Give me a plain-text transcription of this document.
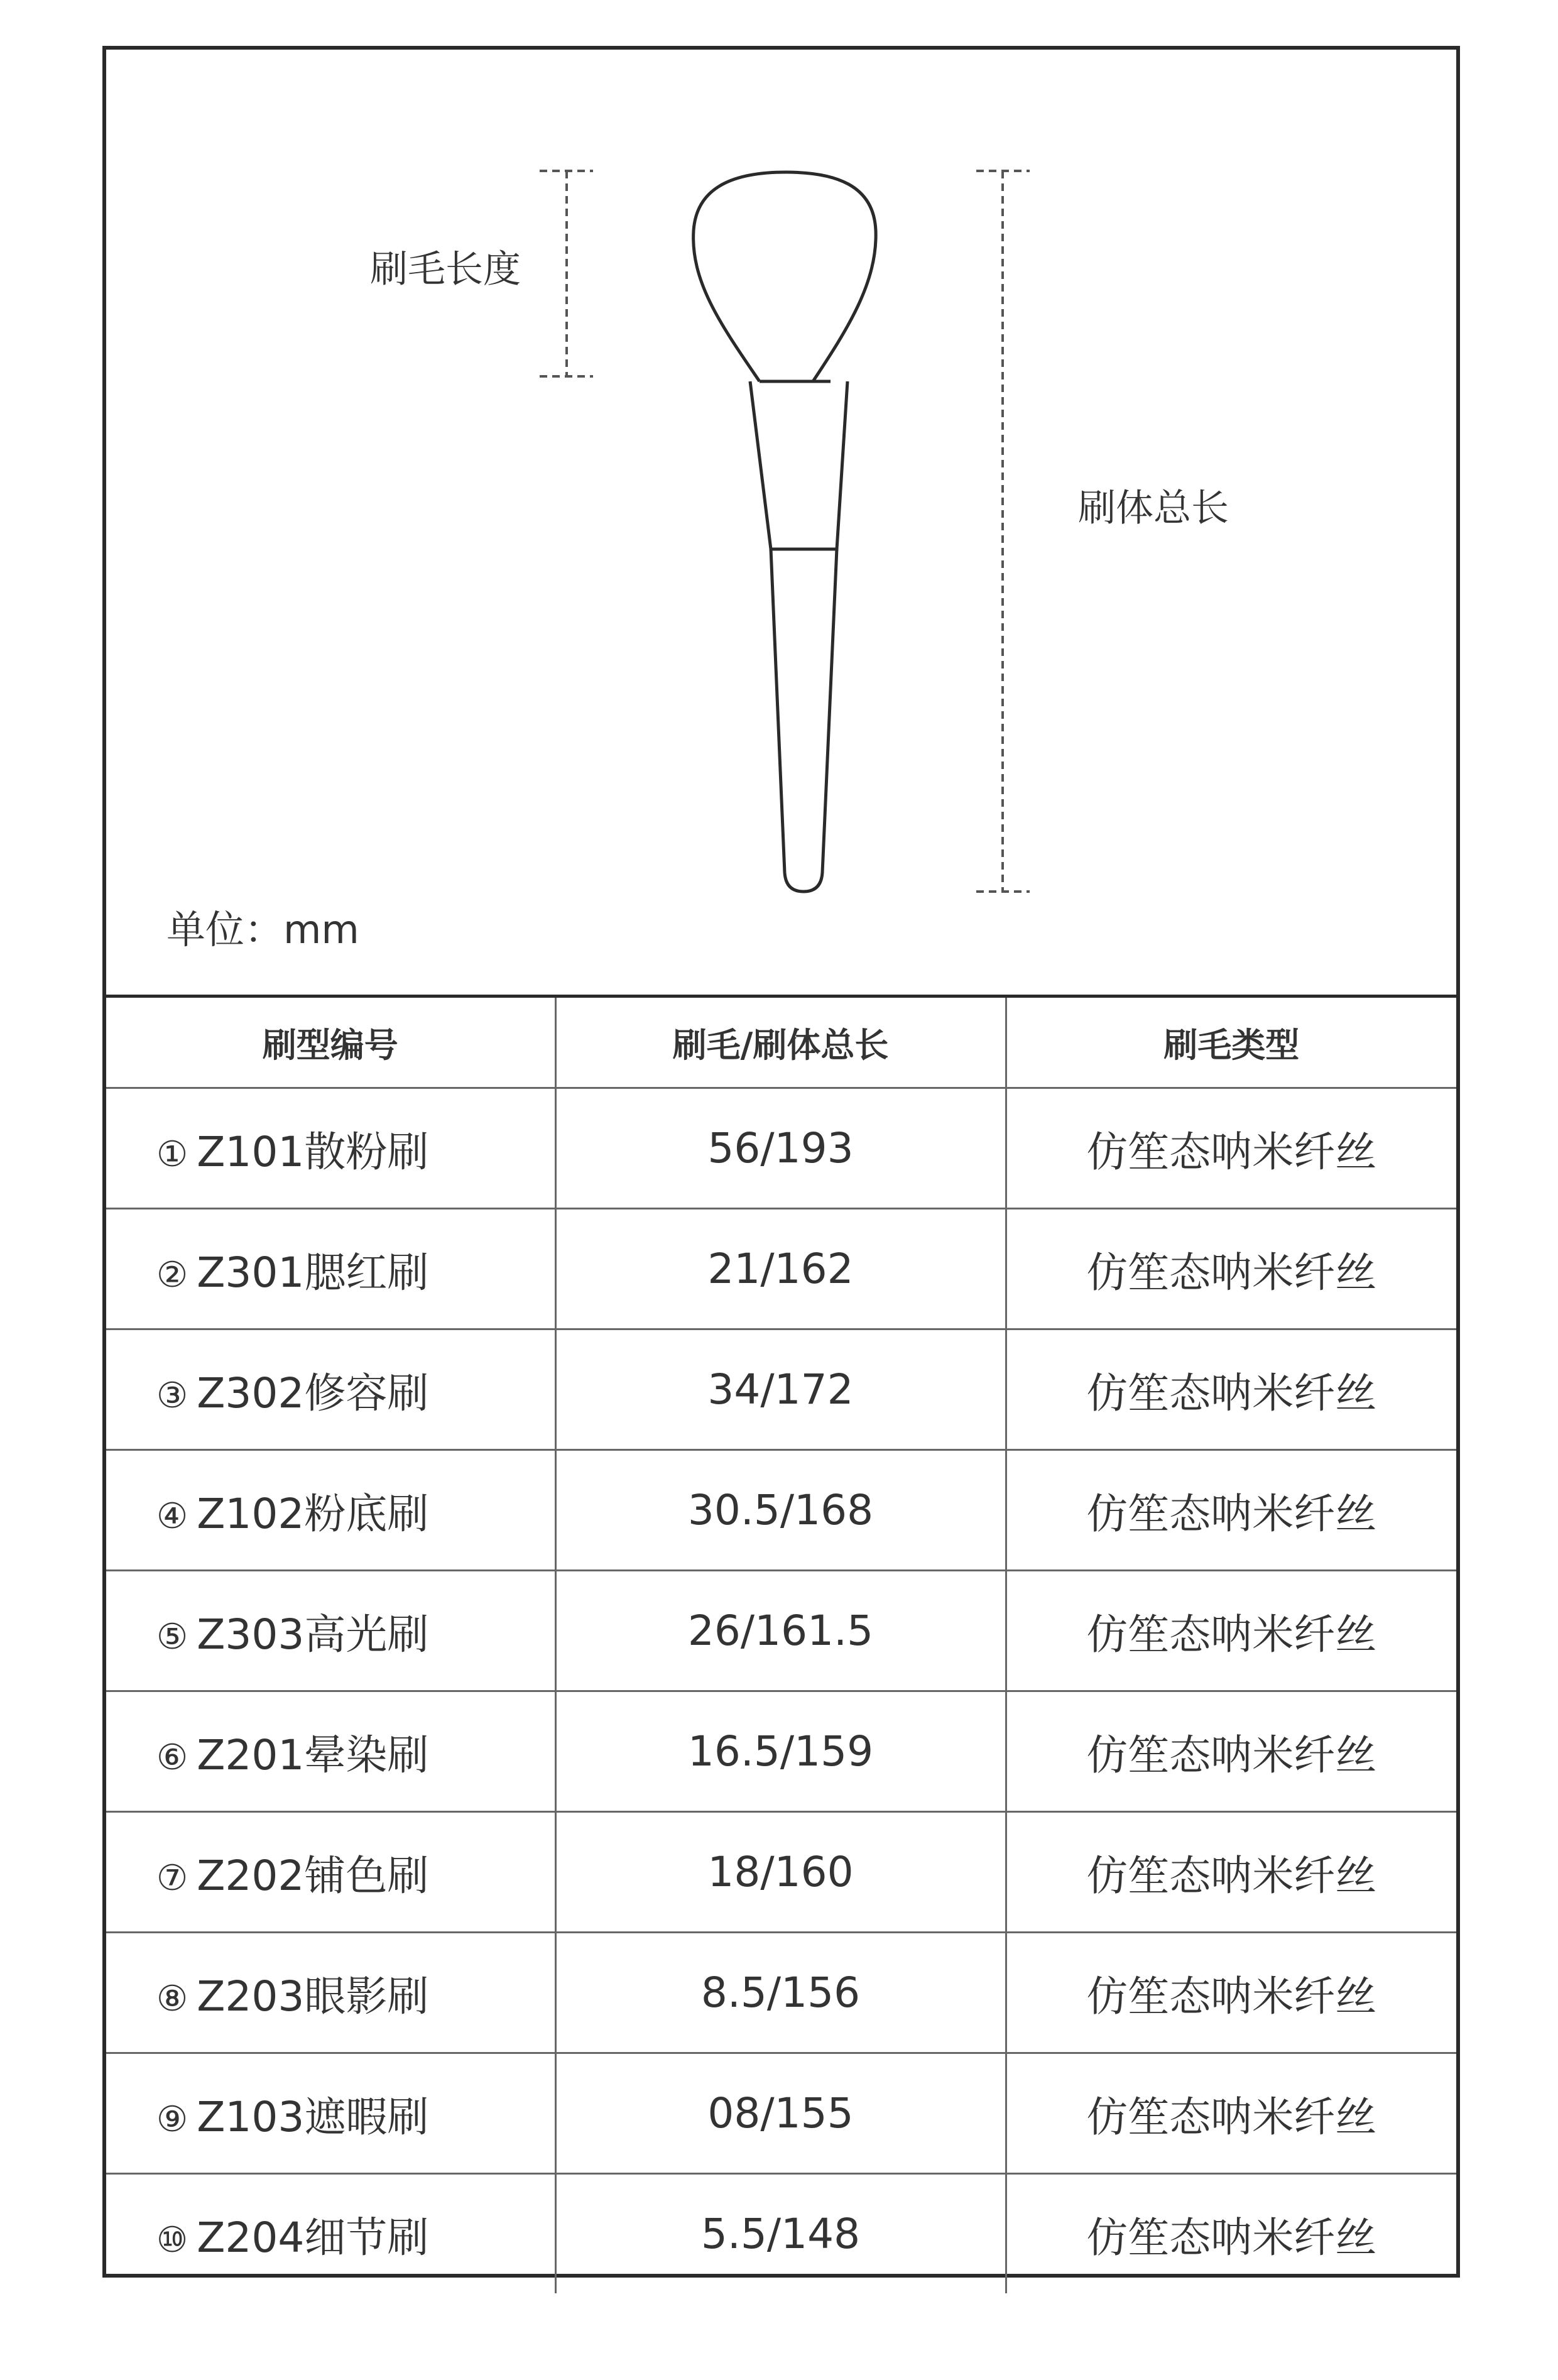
刷毛长度
刷体总长
单位：mm
刷型编号	刷毛/刷体总长	刷毛类型
① Z101散粉刷	56/193	仿笙态呐米纤丝
② Z301腮红刷	21/162	仿笙态呐米纤丝
③ Z302修容刷	34/172	仿笙态呐米纤丝
④ Z102粉底刷	30.5/168	仿笙态呐米纤丝
⑤ Z303高光刷	26/161.5	仿笙态呐米纤丝
⑥ Z201晕染刷	16.5/159	仿笙态呐米纤丝
⑦ Z202铺色刷	18/160	仿笙态呐米纤丝
⑧ Z203眼影刷	8.5/156	仿笙态呐米纤丝
⑨ Z103遮暇刷	08/155	仿笙态呐米纤丝
⑩ Z204细节刷	5.5/148	仿笙态呐米纤丝
